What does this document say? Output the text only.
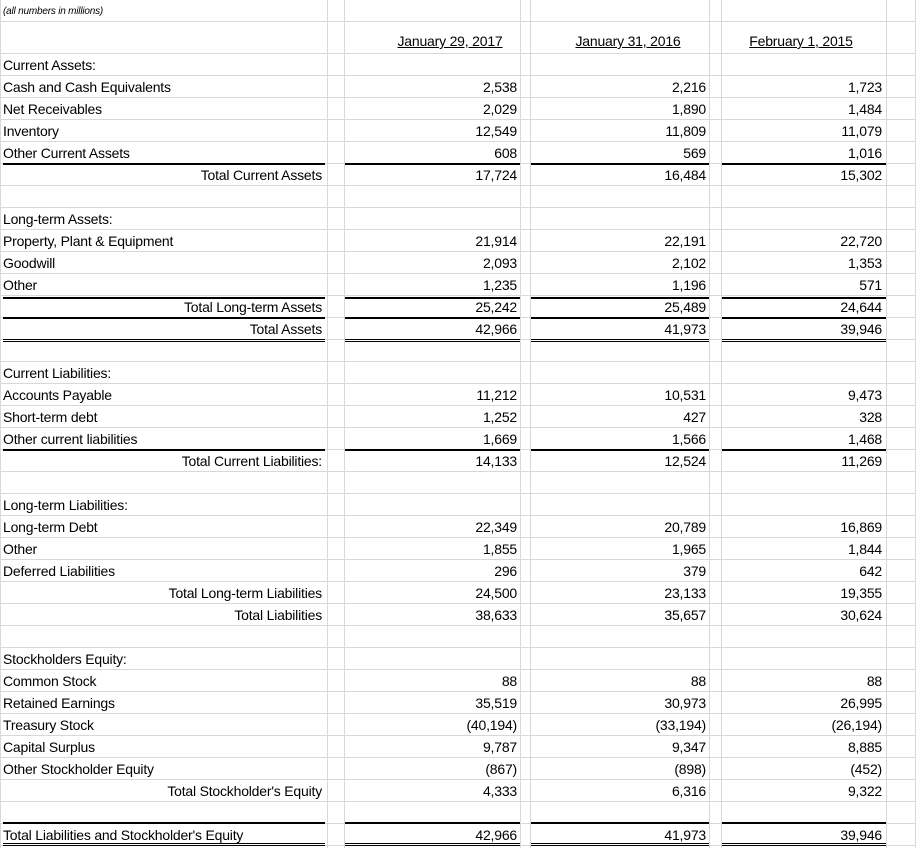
(all numbers in millions)
January 29, 2017	January 31, 2016	February 1, 2015
Current Assets:
Cash and Cash Equivalents	2,538	2,216	1,723
Net Receivables	2,029	1,890	1,484
Inventory	12,549	11,809	11,079
Other Current Assets	608	569	1,016
Total Current Assets	17,724	16,484	15,302
Long-term Assets:
Property, Plant & Equipment	21,914	22,191	22,720
Goodwill	2,093	2,102	1,353
Other	1,235	1,196	571
Total Long-term Assets	25,242	25,489	24,644
Total Assets	42,966	41,973	39,946
Current Liabilities:
Accounts Payable	11,212	10,531	9,473
Short-term debt	1,252	427	328
Other current liabilities	1,669	1,566	1,468
Total Current Liabilities:	14,133	12,524	11,269
Long-term Liabilities:
Long-term Debt	22,349	20,789	16,869
Other	1,855	1,965	1,844
Deferred Liabilities	296	379	642
Total Long-term Liabilities	24,500	23,133	19,355
Total Liabilities	38,633	35,657	30,624
Stockholders Equity:
Common Stock	88	88	88
Retained Earnings	35,519	30,973	26,995
Treasury Stock	(40,194)	(33,194)	(26,194)
Capital Surplus	9,787	9,347	8,885
Other Stockholder Equity	(867)	(898)	(452)
Total Stockholder's Equity	4,333	6,316	9,322
Total Liabilities and Stockholder's Equity	42,966	41,973	39,946
